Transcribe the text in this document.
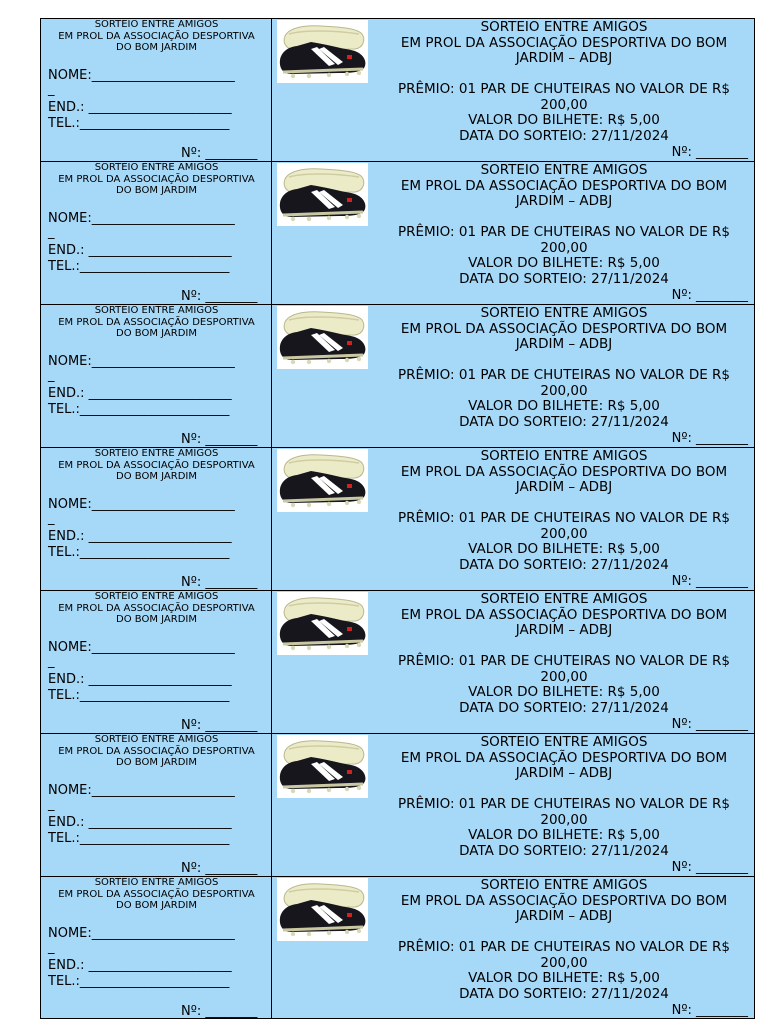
SORTEIO ENTRE AMIGOS
EM PROL DA ASSOCIAÇÃO DESPORTIVA
DO BOM JARDIM
NOME:______________________
_
END.: ______________________
TEL.:_______________________
Nº: ________
SORTEIO ENTRE AMIGOS
EM PROL DA ASSOCIAÇÃO DESPORTIVA DO BOM
JARDIM – ADBJ
PRÊMIO: 01 PAR DE CHUTEIRAS NO VALOR DE R$
200,00
VALOR DO BILHETE: R$ 5,00
DATA DO SORTEIO: 27/11/2024
Nº: ________
SORTEIO ENTRE AMIGOS
EM PROL DA ASSOCIAÇÃO DESPORTIVA
DO BOM JARDIM
NOME:______________________
_
END.: ______________________
TEL.:_______________________
Nº: ________
SORTEIO ENTRE AMIGOS
EM PROL DA ASSOCIAÇÃO DESPORTIVA DO BOM
JARDIM – ADBJ
PRÊMIO: 01 PAR DE CHUTEIRAS NO VALOR DE R$
200,00
VALOR DO BILHETE: R$ 5,00
DATA DO SORTEIO: 27/11/2024
Nº: ________
SORTEIO ENTRE AMIGOS
EM PROL DA ASSOCIAÇÃO DESPORTIVA
DO BOM JARDIM
NOME:______________________
_
END.: ______________________
TEL.:_______________________
Nº: ________
SORTEIO ENTRE AMIGOS
EM PROL DA ASSOCIAÇÃO DESPORTIVA DO BOM
JARDIM – ADBJ
PRÊMIO: 01 PAR DE CHUTEIRAS NO VALOR DE R$
200,00
VALOR DO BILHETE: R$ 5,00
DATA DO SORTEIO: 27/11/2024
Nº: ________
SORTEIO ENTRE AMIGOS
EM PROL DA ASSOCIAÇÃO DESPORTIVA
DO BOM JARDIM
NOME:______________________
_
END.: ______________________
TEL.:_______________________
Nº: ________
SORTEIO ENTRE AMIGOS
EM PROL DA ASSOCIAÇÃO DESPORTIVA DO BOM
JARDIM – ADBJ
PRÊMIO: 01 PAR DE CHUTEIRAS NO VALOR DE R$
200,00
VALOR DO BILHETE: R$ 5,00
DATA DO SORTEIO: 27/11/2024
Nº: ________
SORTEIO ENTRE AMIGOS
EM PROL DA ASSOCIAÇÃO DESPORTIVA
DO BOM JARDIM
NOME:______________________
_
END.: ______________________
TEL.:_______________________
Nº: ________
SORTEIO ENTRE AMIGOS
EM PROL DA ASSOCIAÇÃO DESPORTIVA DO BOM
JARDIM – ADBJ
PRÊMIO: 01 PAR DE CHUTEIRAS NO VALOR DE R$
200,00
VALOR DO BILHETE: R$ 5,00
DATA DO SORTEIO: 27/11/2024
Nº: ________
SORTEIO ENTRE AMIGOS
EM PROL DA ASSOCIAÇÃO DESPORTIVA
DO BOM JARDIM
NOME:______________________
_
END.: ______________________
TEL.:_______________________
Nº: ________
SORTEIO ENTRE AMIGOS
EM PROL DA ASSOCIAÇÃO DESPORTIVA DO BOM
JARDIM – ADBJ
PRÊMIO: 01 PAR DE CHUTEIRAS NO VALOR DE R$
200,00
VALOR DO BILHETE: R$ 5,00
DATA DO SORTEIO: 27/11/2024
Nº: ________
SORTEIO ENTRE AMIGOS
EM PROL DA ASSOCIAÇÃO DESPORTIVA
DO BOM JARDIM
NOME:______________________
_
END.: ______________________
TEL.:_______________________
Nº: ________
SORTEIO ENTRE AMIGOS
EM PROL DA ASSOCIAÇÃO DESPORTIVA DO BOM
JARDIM – ADBJ
PRÊMIO: 01 PAR DE CHUTEIRAS NO VALOR DE R$
200,00
VALOR DO BILHETE: R$ 5,00
DATA DO SORTEIO: 27/11/2024
Nº: ________
